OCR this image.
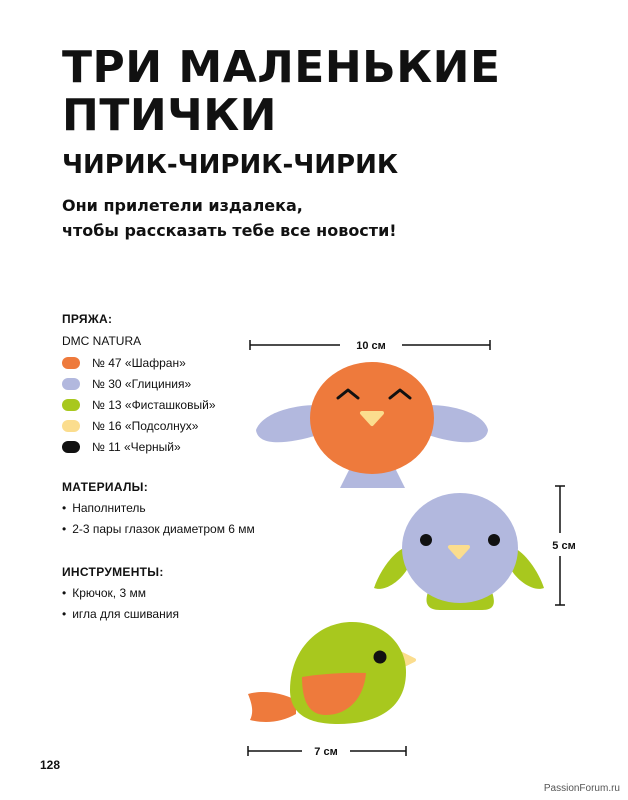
ТРИ МАЛЕНЬКИЕ ПТИЧКИ
ЧИРИК-ЧИРИК-ЧИРИК
Они прилетели издалека,
чтобы рассказать тебе все новости!
ПРЯЖА:
DMC NATURA
№ 47 «Шафран»
№ 30 «Глициния»
№ 13 «Фисташковый»
№ 16 «Подсолнух»
№ 11 «Черный»
МАТЕРИАЛЫ:
• Наполнитель
• 2-3 пары глазок диаметром 6 мм
ИНСТРУМЕНТЫ:
• Крючок, 3 мм
• игла для сшивания
10 см
5 см
7 см
128
PassionForum.ru
